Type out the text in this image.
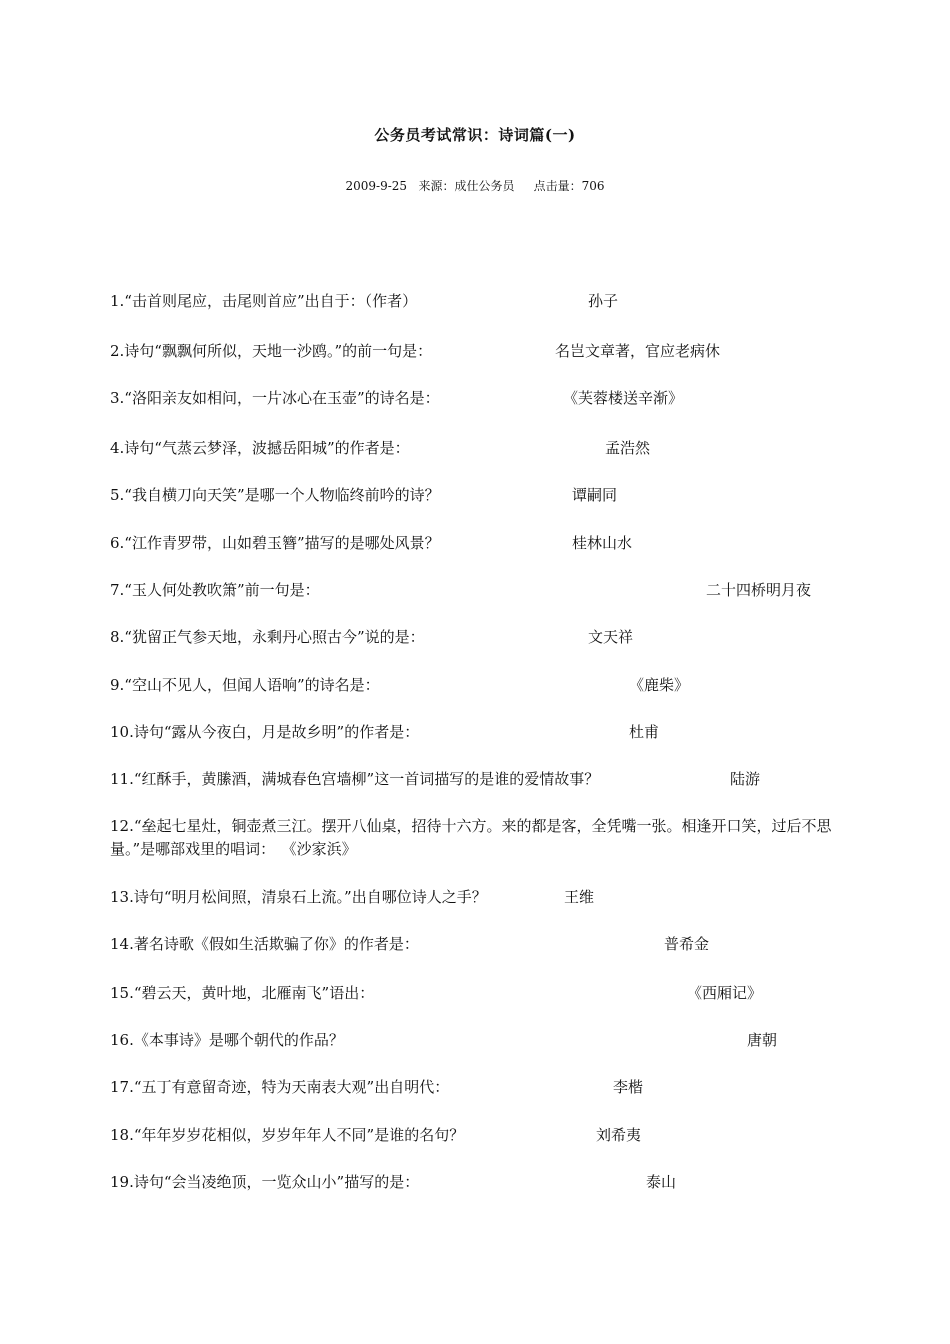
公务员考试常识：诗词篇(一)
2009-9-25   来源：成仕公务员     点击量：706
1.“击首则尾应，击尾则首应”出自于：（作者）	孙子
2.诗句“飘飘何所似，天地一沙鸥。”的前一句是：	名岂文章著，官应老病休
3.“洛阳亲友如相问，一片冰心在玉壶”的诗名是：	《芙蓉楼送辛渐》
4.诗句“气蒸云梦泽，波撼岳阳城”的作者是：	孟浩然
5.“我自横刀向天笑”是哪一个人物临终前吟的诗？	谭嗣同
6.“江作青罗带，山如碧玉簪”描写的是哪处风景？	桂林山水
7.“玉人何处教吹箫”前一句是：	二十四桥明月夜
8.“犹留正气参天地，永剩丹心照古今”说的是：	文天祥
9.“空山不见人，但闻人语响”的诗名是：	《鹿柴》
10.诗句“露从今夜白，月是故乡明”的作者是：	杜甫
11.“红酥手，黄縢酒，满城春色宫墙柳”这一首词描写的是谁的爱情故事？	陆游
12.“垒起七星灶，铜壶煮三江。摆开八仙桌，招待十六方。来的都是客，全凭嘴一张。相逢开口笑，过后不思量。”是哪部戏里的唱词： 《沙家浜》
13.诗句“明月松间照，清泉石上流。”出自哪位诗人之手？	王维
14.著名诗歌《假如生活欺骗了你》的作者是：	普希金
15.“碧云天，黄叶地，北雁南飞”语出：	《西厢记》
16.《本事诗》是哪个朝代的作品？	唐朝
17.“五丁有意留奇迹，特为天南表大观”出自明代：	李楷
18.“年年岁岁花相似，岁岁年年人不同”是谁的名句？	刘希夷
19.诗句“会当凌绝顶，一览众山小”描写的是：	泰山
